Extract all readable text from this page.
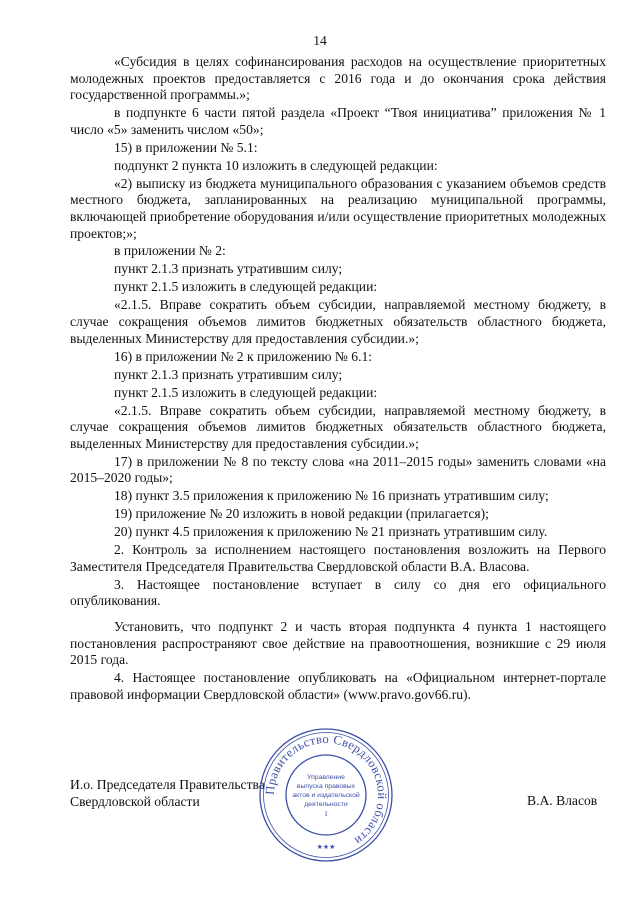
14

«Субсидия в целях софинансирования расходов на осуществление приоритетных молодежных проектов предоставляется с 2016 года и до окончания срока действия государственной программы.»;

в подпункте 6 части пятой раздела «Проект “Твоя инициатива” приложения № 1 число «5» заменить числом «50»;

15) в приложении № 5.1:

подпункт 2 пункта 10 изложить в следующей редакции:

«2) выписку из бюджета муниципального образования с указанием объемов средств местного бюджета, запланированных на реализацию муниципальной программы, включающей приобретение оборудования и/или осуществление приоритетных молодежных проектов;»;

в приложении № 2:

пункт 2.1.3 признать утратившим силу;

пункт 2.1.5 изложить в следующей редакции:

«2.1.5. Вправе сократить объем субсидии, направляемой местному бюджету, в случае сокращения объемов лимитов бюджетных обязательств областного бюджета, выделенных Министерству для предоставления субсидии.»;

16) в приложении № 2 к приложению № 6.1:

пункт 2.1.3 признать утратившим силу;

пункт 2.1.5 изложить в следующей редакции:

«2.1.5. Вправе сократить объем субсидии, направляемой местному бюджету, в случае сокращения объемов лимитов бюджетных обязательств областного бюджета, выделенных Министерству для предоставления субсидии.»;

17) в приложении № 8 по тексту слова «на 2011–2015 годы» заменить словами «на 2015–2020 годы»;

18) пункт 3.5 приложения к приложению № 16 признать утратившим силу;

19) приложение № 20 изложить в новой редакции (прилагается);

20) пункт 4.5 приложения к приложению № 21 признать утратившим силу.

2. Контроль за исполнением настоящего постановления возложить на Первого Заместителя Председателя Правительства Свердловской области В.А. Власова.

3. Настоящее постановление вступает в силу со дня его официального опубликования.

Установить, что подпункт 2 и часть вторая подпункта 4 пункта 1 настоящего постановления распространяют свое действие на правоотношения, возникшие с 29 июля 2015 года.

4. Настоящее постановление опубликовать на «Официальном интернет-портале правовой информации Свердловской области» (www.pravo.gov66.ru).

И.о. Председателя Правительства
Свердловской области	В.А. Власов
Правительство Свердловской области
Управление
выпуска правовых
актов и издательской
деятельности
1
★★★
